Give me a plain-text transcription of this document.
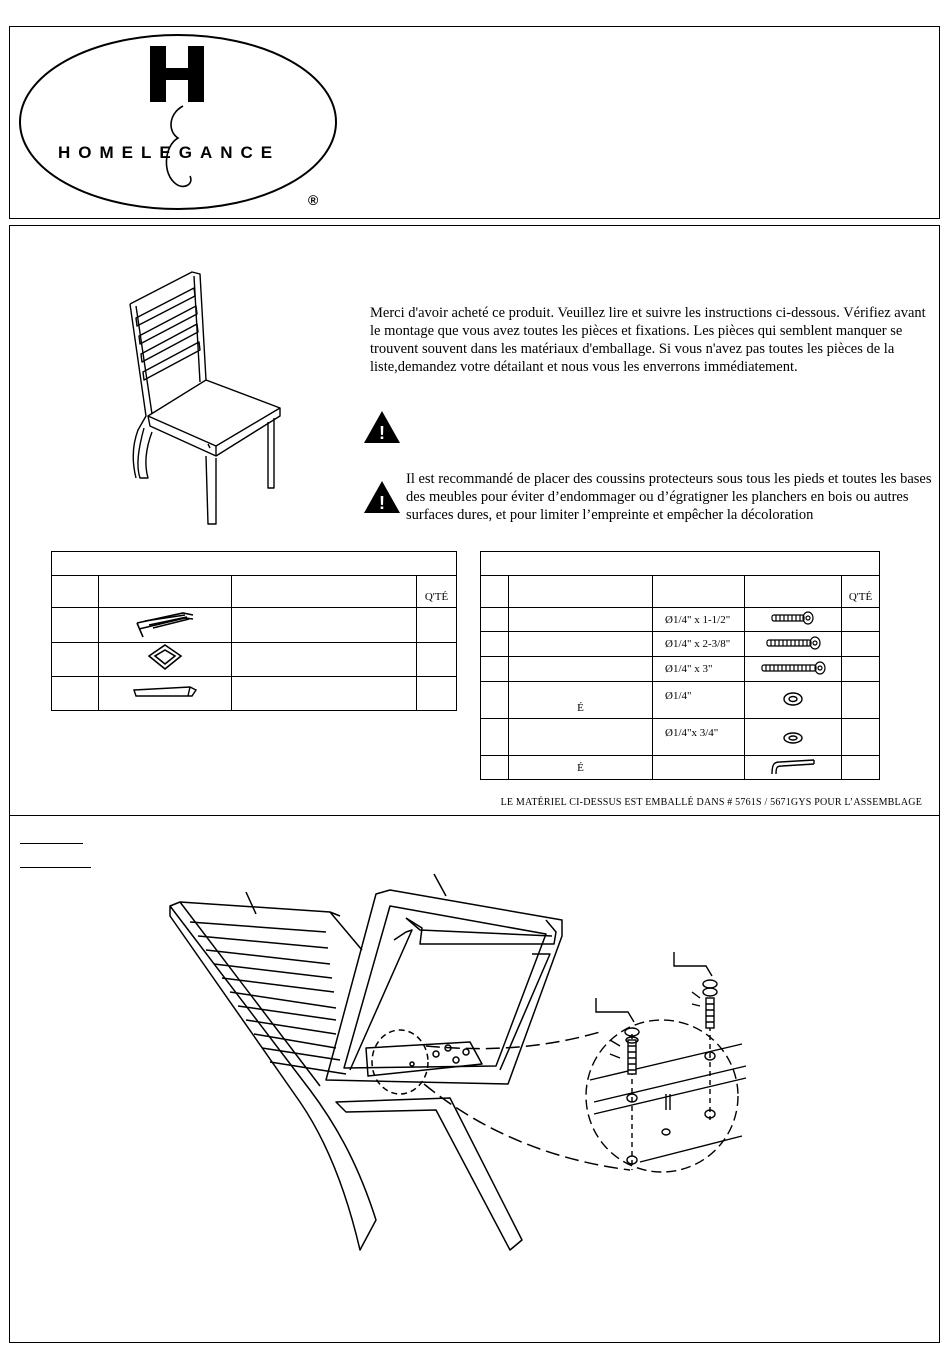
HOMELEGANCE
®
Merci d'avoir acheté ce produit. Veuillez lire et suivre les instructions ci-dessous. Vérifiez avant le montage que vous avez toutes les pièces et fixations. Les pièces qui semblent manquer se trouvent souvent dans les matériaux d'emballage. Si vous n'avez pas toutes les pièces de la liste,demandez votre détailant et nous vous les enverrons immédiatement.
!
!
Il est recommandé de placer des coussins protecteurs sous tous les pieds et toutes les bases des meubles pour éviter d’endommager ou d’égratigner les planchers en bois ou autres surfaces dures, et pour limiter l’empreinte et empêcher la décoloration

			Q'TÉ

					Q'TÉ
		Ø1/4" x 1-1/2"		
		Ø1/4" x 2-3/8"		
		Ø1/4" x 3"		
	É	Ø1/4"		
		Ø1/4"x 3/4"		
	É			
LE MATÉRIEL CI-DESSUS EST EMBALLÉ DANS # 5761S / 5671GYS POUR L’ASSEMBLAGE
